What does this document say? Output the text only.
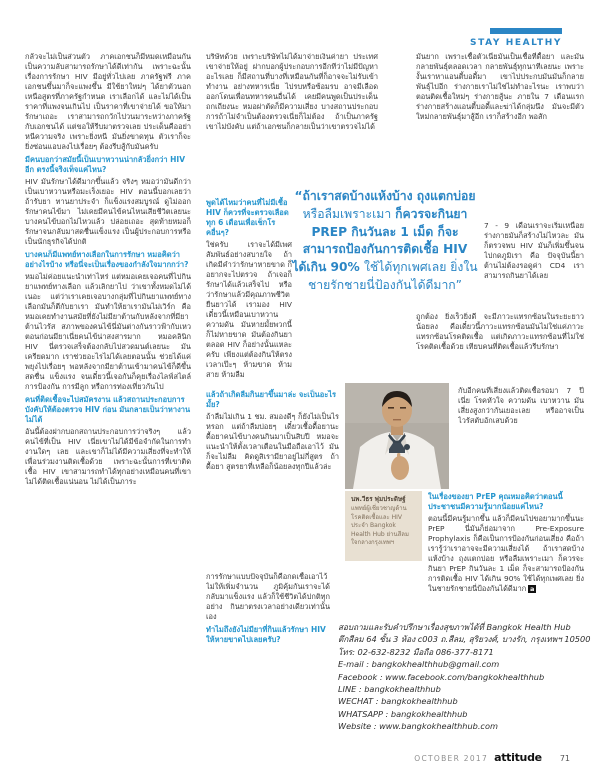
STAY HEALTHY

กลัวจะไม่เป็นส่วนตัว ภาคเอกชนก็มีหมดเหมือนกัน เป็นความลับสามารถรักษาได้ดีเท่ากัน เพราะฉะนั้นเรื่องการรักษา HIV มีอยู่ทั่วไปเลย ภาครัฐฟรี ภาคเอกชนขึ้นมาก็จะแพงขึ้น มีใช้ยาใหม่ๆ ได้ยาตัวนอกเหนือสูตรที่ภาครัฐกำหนด เราเลือกได้ และไม่ได้เป็นราคาที่แพงจนเกินไป เป็นราคาที่เขาจ่ายได้ ขอให้มารักษาเถอะ เราสามารถกวักไปวนมาระหว่างภาครัฐกับเอกชนได้ แต่ขอให้รีบมาตรวจเลย ประเด็นคืออย่าหนีความจริง เพราะยิ่งหนี มันยิ่งขาดทุน ตัวเราก็จะยิ่งซ่อนแอบลงไปเรื่อยๆ ต้องรีบสู้กับมันครับ

มีคนบอกว่าสมัยนี้เป็นเบาหวานน่ากลัวยิ่งกว่า HIV อีก ตรงนี้จริงเท็จแค่ไหน?

HIV มันรักษาได้ดีมากขึ้นแล้ว จริงๆ หมอว่ามันดีกว่าเป็นเบาหวานหรือมะเร็งเยอะ HIV ตอนนี้บอกเลยว่าถ้ารับยา ทานยาประจำ ก็แข็งแรงสมบูรณ์ ดูไม่ออก รักษาคนไข้มา ไม่เคยมีคนไข้คนไหนเสียชีวิตเลยนะ บางคนไข้บอกไม่ไหวแล้ว ปล่อยเถอะ สุดท้ายหมอก็รักษาจนกลับมาสดชื่นแข็งแรง เป็นผู้ประกอบการหรือเป็นนักธุรกิจได้ปกติ

บางคนก็มีแพทย์ทางเลือกในการรักษา หมอคิดว่าอย่างไรบ้าง หรือนี่จะเป็นเรื่องของกำลังใจมากกว่า?

หมอไม่ค่อยแนะนำเท่าไหร่ แต่หมอเคยเจอคนที่ไปกินยาแพทย์ทางเลือก แล้วเลิกยาไป ว่าเขาทั้งหมดไม่ได้เนอะ แต่ว่าเราเคยเจอบางกลุ่มที่ไปกินยาแพทย์ทางเลือกมันก็ตีกับยาเรา มันทำให้ยาเรามันไม่เวิร์ก คือหมอเคยทำงานสมัยที่ยังไม่มียาต้านกับหลังจากที่มียาต้านไวรัส สภาพของคนไข้นี่มันต่างกันราวฟ้ากับเหว ตอนก่อนมียาเนี่ยคนไข้น่าสงสารมาก หมอคลินิก HIV นี่ตรวจเสร็จต้องกลับไปสวดมนต์เลยนะ มันเครียดมาก เราช่วยอะไรไม่ได้เลยตอนนั้น ช่วยได้แค่พยุงไปเรื่อยๆ พอหลังจากมียาต้านเข้ามาคนไข้ก็ดีขึ้น สดชื่น แข็งแรง จนเดี๋ยวนี้เจอกันก็คุยเรื่องไลฟ์สไตล์ การป้องกัน การมีลูก หรือการท่องเที่ยวกันไป

คนที่ติดเชื้อจะไปสมัครงาน แล้วสถานประกอบการบังคับให้ต้องตรวจ HIV ก่อน มันกลายเป็นว่าหางานไม่ได้

อันนี้ต้องฝากบอกสถานประกอบการว่าจริงๆ แล้วคนไข้ที่เป็น HIV เนี่ยเขาไม่ได้มีข้อจำกัดในการทำงานใดๆ เลย และเขาก็ไม่ได้มีความเสี่ยงที่จะทำให้เพื่อนร่วมงานติดเชื้อด้วย เพราะฉะนั้นการที่เขาติดเชื้อ HIV เขาสามารถทำได้ทุกอย่างเหมือนคนที่เขาไม่ได้ติดเชื้อแน่นอน ไม่ได้เป็นภาระ

บริษัทด้วย เพราะบริษัทไม่ได้มาจ่ายเงินค่ายา ประเทศเขาจ่ายให้อยู่ ฝากบอกผู้ประกอบการอีกทีว่าไม่มีปัญหาอะไรเลย ก็มีสถานที่บางที่เหมือนกันที่ก็อาจจะไม่รับเข้าทำงาน อย่างทหารเนี่ย ไปรบหรือซ้อมรบ อาจมีเลือดออกโดนเพื่อนทหารคนอื่นได้ เคยมีคนพูดเป็นประเด็นถกเถียงนะ หมอผ่าตัดก็มีความเสี่ยง บางสถานประกอบการถ้าไม่จำเป็นต้องตรวจเนี่ยก็ไม่ต้อง ถ้าเป็นภาครัฐเขาไม่บังคับ แต่ถ้าเอกชนก็กลายเป็นว่าเขาตรวจไม่ได้

พูดได้ไหมว่าคนที่ไม่มีเชื้อ HIV ก็ควรที่จะตรวจเลือดทุก 6 เดือนเพื่อเช็กโรคอื่นๆ?

ใช่ครับ เราจะได้มีเพศสัมพันธ์อย่างสบายใจ ถ้าเกิดมีคำว่ารักษาหายขาด ก็อยากจะไปตรวจ ถ้าเจอก็รักษาได้แล้วเสร็จไป หรือว่ารักษาแล้วมีคุณภาพชีวิตยืนยาวได้ เรามอง HIV เดี๋ยวนี้เหมือนเบาหวาน ความดัน มันหายมั้ยพวกนี้ ก็ไม่หายขาด มันต้องกินยาตลอด HIV ก็อย่างนั้นแหละครับ เพียงแต่ต้องกินให้ตรงเวลาเป๊ะๆ ห้ามขาด ห้ามสาย ห้ามลืม

แล้วถ้าเกิดลืมกินยาขึ้นมาล่ะ จะเป็นอะไรมั้ย?

ถ้าลืมไม่เกิน 1 ชม. สมองดีๆ ก็ยังไม่เป็นไรหรอก แต่ถ้าลืมบ่อยๆ เดี๋ยวเชื้อดื้อยานะ ดื้อยาคนไข้บางคนกินมาเป็นสิบปี หมอจะแนะนำให้ตั้งเวลาเตือนในมือถือเอาไว้ มันก็จะไม่ลืม คิดดูสิเรามียาอยู่ไม่กี่สูตร ถ้าดื้อยา สูตรยาที่เหลือก็น้อยลงทุกปีแล้วล่ะ

การรักษาแบบปัจจุบันก็คือกดเชื้อเอาไว้ไม่ให้เพิ่มจำนวน ภูมิคุ้มกันเราจะได้กลับมาแข็งแรง แล้วก็ใช้ชีวิตได้ปกติทุกอย่าง กินยาตรงเวลาอย่างเดียวเท่านั้นเอง

ทำไมถึงยังไม่มียาที่กินแล้วรักษา HIV ให้หายขาดไปเลยครับ?

มันยาก เพราะเชื้อตัวเนี่ยมันเป็นเชื้อที่ดื้อยา และมันกลายพันธุ์ตลอดเวลา กลายพันธุ์ทุกนาทีเลยนะ เพราะงั้นเราหาแอนตี้บอดี้มา เขาไปประกบมันมันก็กลายพันธุ์ไปอีก ร่างกายเราไม่ใช่ไม่ทำอะไรนะ เราพบว่าตอนติดเชื้อใหม่ๆ ร่างกายสู้นะ ภายใน 7 เดือนแรก ร่างกายสร้างแอนตี้บอดี้และฆ่าได้กลุ่มนึง มันจะมีตัวใหม่กลายพันธุ์มาสู้อีก เราก็สร้างอีก พอสัก

7 - 9 เดือนเราจะเริ่มเหนื่อย ร่างกายมันก็สร้างไม่ไหวละ มันก็ตรวจพบ HIV มันก็เพิ่มขึ้นจนไปกดภูมิเรา คือ ปัจจุบันนี้ยาต้านไม่ต้องรอดูค่า CD4 เราสามารถกินยาได้เลย

ถูกต้อง ยิ่งเร็วยิ่งดี จะมีภาวะแทรกซ้อนในระยะยาวน้อยลง คือเดี๋ยวนี้ภาวะแทรกซ้อนมันไม่ใช่แค่ภาวะแทรกซ้อนโรคติดเชื้อ แต่เกิดภาวะแทรกซ้อนที่ไม่ใช่โรคติดเชื้อด้วย เทียบคนที่ติดเชื้อแล้วรีบรักษา

กับอีกคนที่เสี่ยงแล้วติดเชื้อรอมา 7 ปีเนี่ย โรคหัวใจ ความดัน เบาหวาน มันเสี่ยงสูงกว่ากันเยอะเลย หรืออาจเป็นไวรัสตับอักเสบด้วย

ในเรื่องของยา PrEP คุณหมอคิดว่าตอนนี้ประชาชนมีความรู้มากน้อยแค่ไหน?

ตอนนี้มีคนรู้มากขึ้น แล้วก็มีคนไปขอยามากขึ้นนะ PrEP นี่มันก็ย่อมาจาก Pre-Exposure Prophylaxis ก็คือเป็นการป้องกันก่อนเสี่ยง คือถ้าเรารู้ว่าเราอาจจะมีความเสี่ยงได้ ถ้าเราสดบ้างแห้งบ้าง ถุงแตกบ่อย หรือลืมเพราะเมา ก็ควรจะกินยา PrEP กินวันละ 1 เม็ด ก็จะสามารถป้องกันการติดเชื้อ HIV ได้เกิน 90% ใช้ได้ทุกเพศเลย ยิ่งในชายรักชายนี่ป้องกันได้ดีมาก a

“ถ้าเราสดบ้างแห้งบ้าง ถุงแตกบ่อย
หรือลืมเพราะเมา ก็ควรจะกินยา
PREP กินวันละ 1 เม็ด ก็จะ
สามารถป้องกันการติดเชื้อ HIV
ได้เกิน 90% ใช้ได้ทุกเพศเลย ยิ่งใน
ชายรักชายนี่ป้องกันได้ดีมาก”

นพ.วีธร พุ่มประดิษฐ์

แพทย์ผู้เชี่ยวชาญด้านโรคติดเชื้อและ HIV ประจำ Bangkok Health Hub ย่านสีลม ใจกลางกรุงเทพฯ

สอบถามและรับคำปรึกษาเรื่องสุขภาพได้ที่ Bangkok Health Hub
ตึกสีลม 64 ชั้น 3 ห้อง c003 ถ.สีลม, สุริยวงศ์, บางรัก, กรุงเทพฯ 10500
โทร: 02-632-8232 มือถือ 086-377-8171
E-mail : bangkokhealthhub@gmail.com
Facebook : www.facebook.com/bangkokhealthhub
LINE : bangkokhealthhub
WECHAT : bangkokhealthhub
WHATSAPP : bangkokhealthhub
Website : www.bangkokhealthhub.com
OCTOBER 2017 attitude 71
